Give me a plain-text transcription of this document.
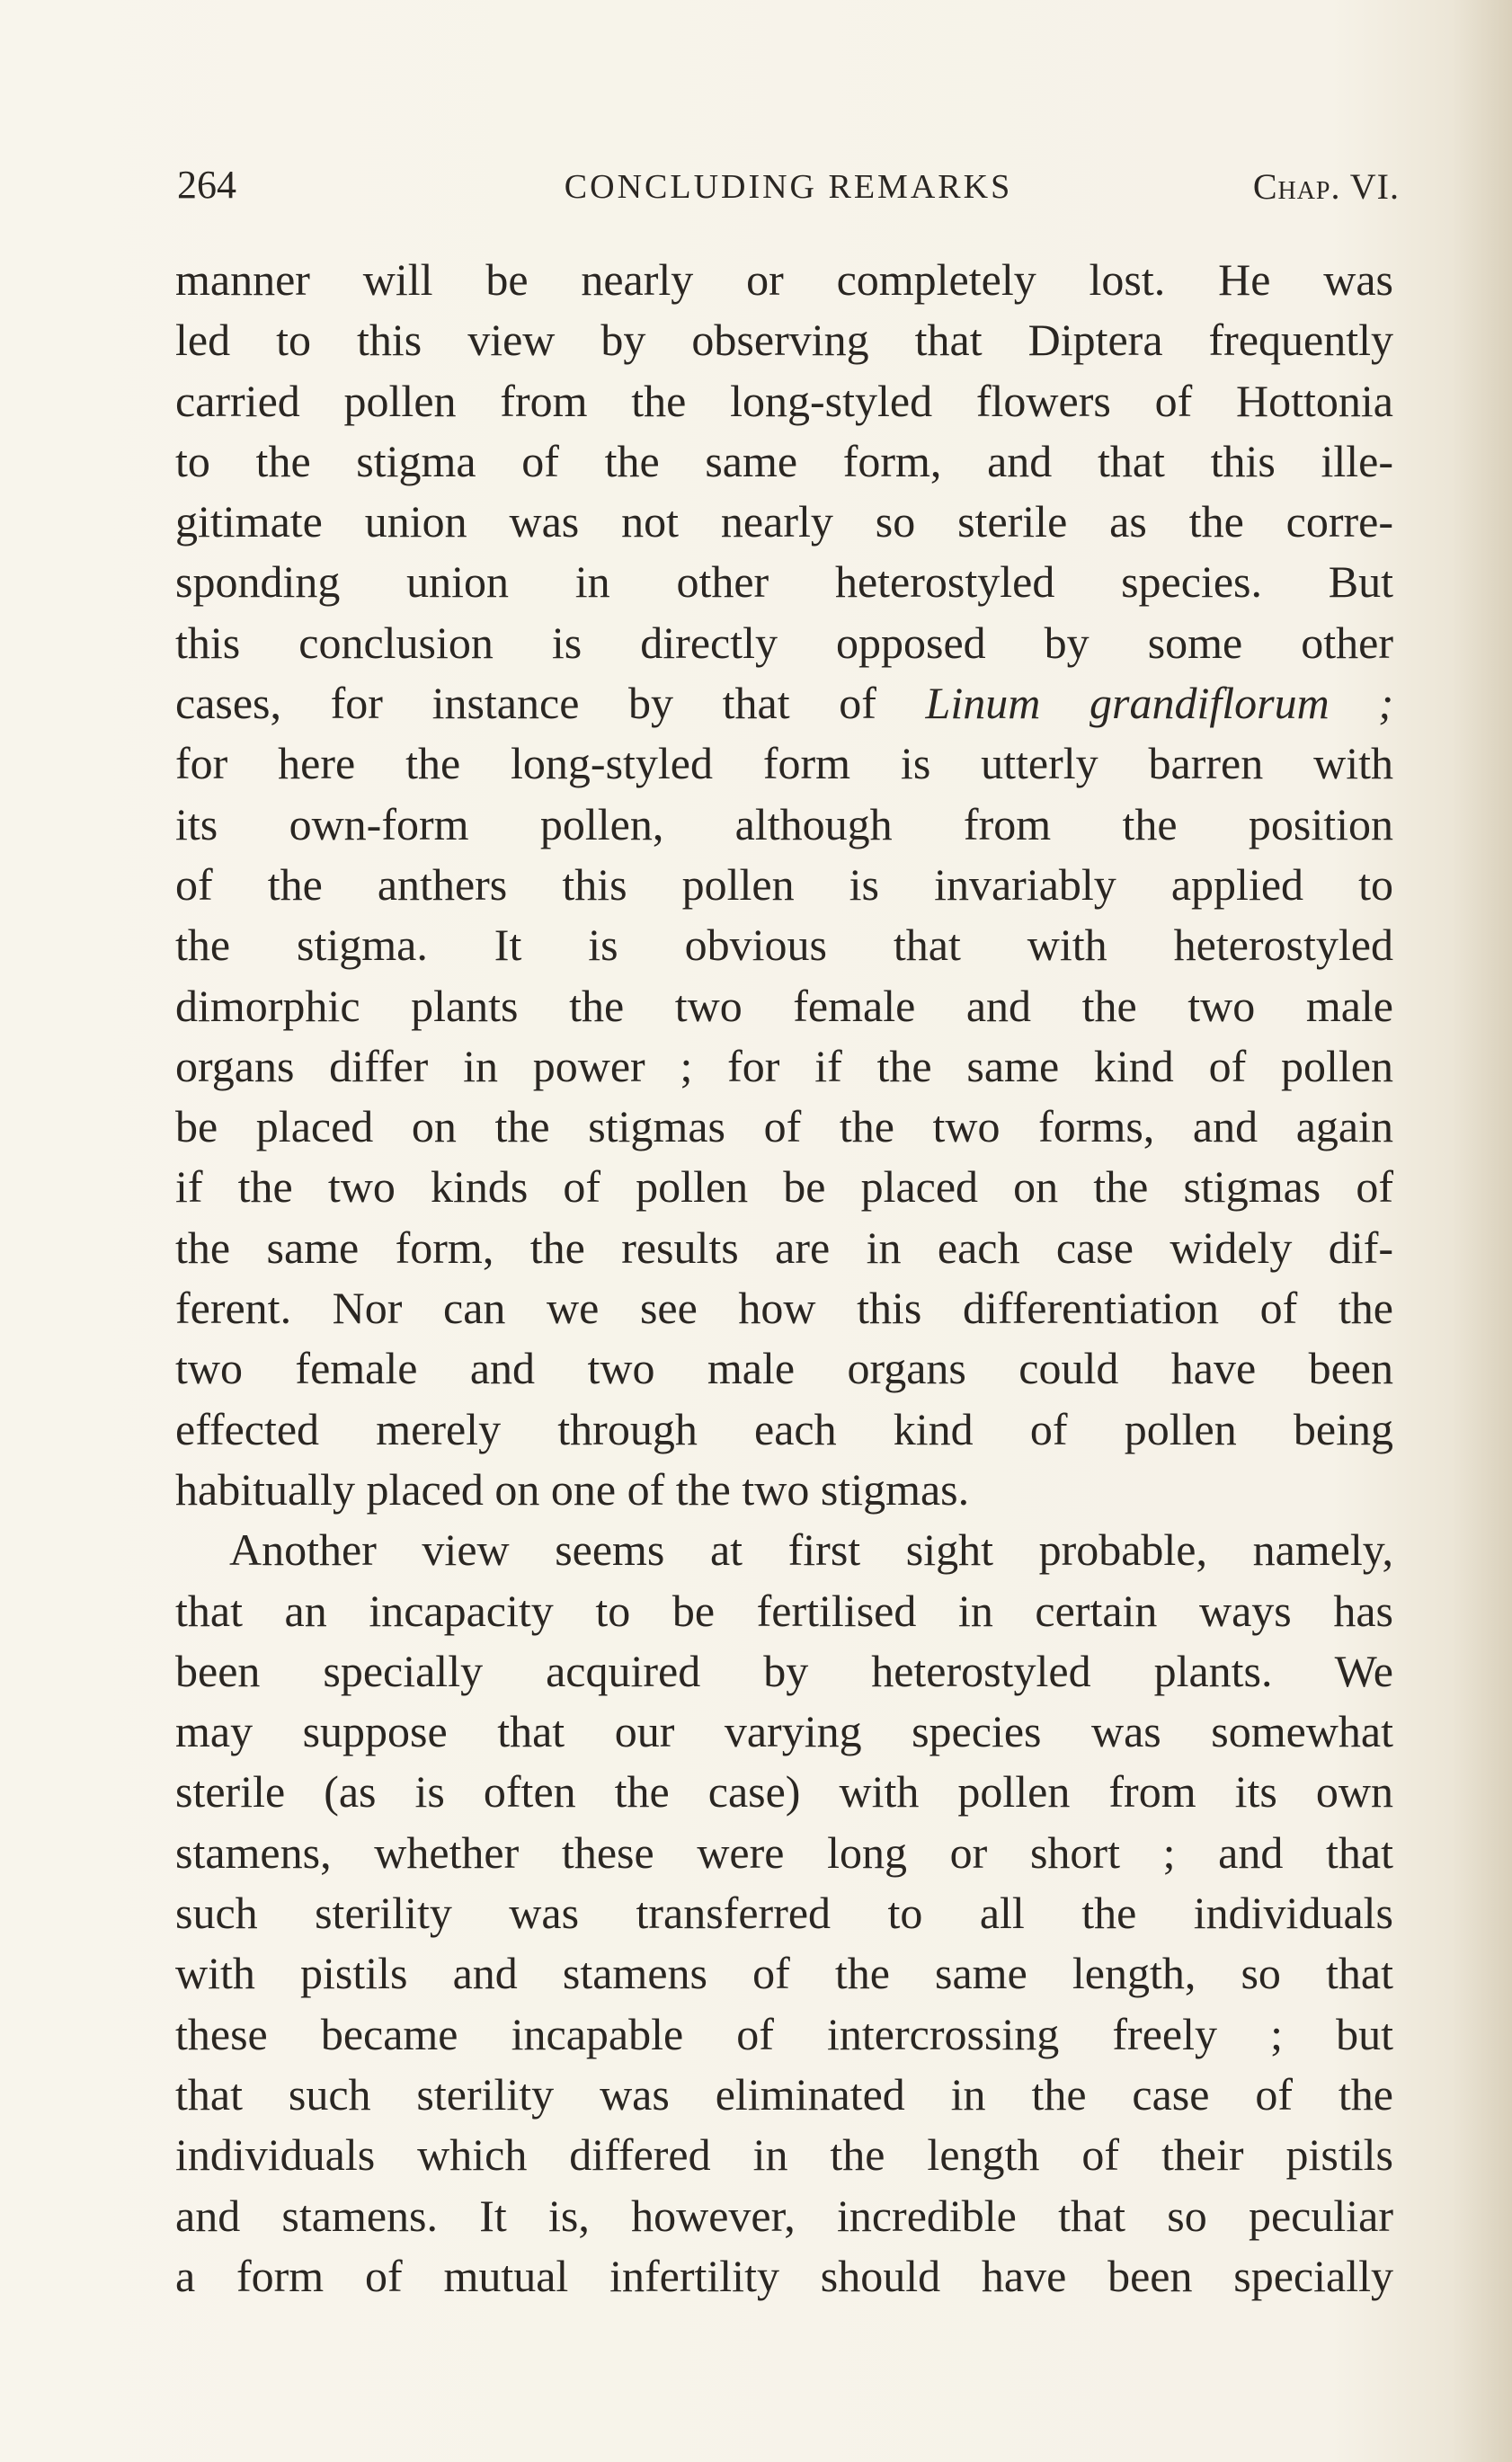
264	CONCLUDING REMARKS	Chap. VI.
manner will be nearly or completely lost. He was
led to this view by observing that Diptera frequently
carried pollen from the long-styled flowers of Hottonia
to the stigma of the same form, and that this ille-
gitimate union was not nearly so sterile as the corre-
sponding union in other heterostyled species. But
this conclusion is directly opposed by some other
cases, for instance by that of Linum grandiflorum ;
for here the long-styled form is utterly barren with
its own-form pollen, although from the position
of the anthers this pollen is invariably applied to
the stigma. It is obvious that with heterostyled
dimorphic plants the two female and the two male
organs differ in power ; for if the same kind of pollen
be placed on the stigmas of the two forms, and again
if the two kinds of pollen be placed on the stigmas of
the same form, the results are in each case widely dif-
ferent. Nor can we see how this differentiation of the
two female and two male organs could have been
effected merely through each kind of pollen being
habitually placed on one of the two stigmas.
Another view seems at first sight probable, namely,
that an incapacity to be fertilised in certain ways has
been specially acquired by heterostyled plants. We
may suppose that our varying species was somewhat
sterile (as is often the case) with pollen from its own
stamens, whether these were long or short ; and that
such sterility was transferred to all the individuals
with pistils and stamens of the same length, so that
these became incapable of intercrossing freely ; but
that such sterility was eliminated in the case of the
individuals which differed in the length of their pistils
and stamens. It is, however, incredible that so peculiar
a form of mutual infertility should have been specially
